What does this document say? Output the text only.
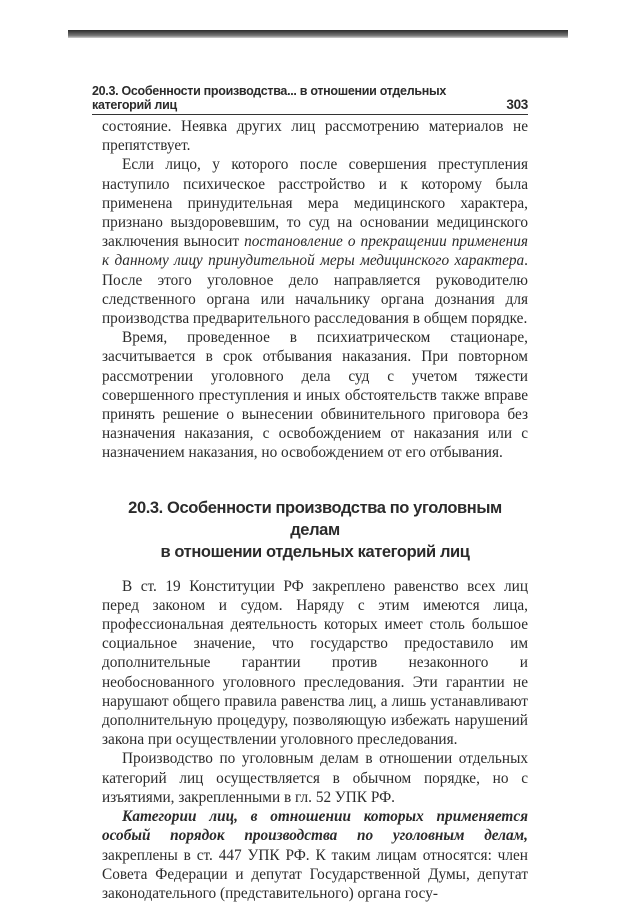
20.3. Особенности производства... в отношении отдельных категорий лиц	303

состояние. Неявка других лиц рассмотрению материалов не препятствует.

Если лицо, у которого после совершения преступления наступило психическое расстройство и к которому была применена принудительная мера медицинского характера, признано выздоровевшим, то суд на основании медицинского заключения выносит постановление о прекращении применения к данному лицу принудительной меры медицинского характера. После этого уголовное дело направляется руководителю следственного органа или начальнику органа дознания для производства предварительного расследования в общем порядке.

Время, проведенное в психиатрическом стационаре, засчитывается в срок отбывания наказания. При повторном рассмотрении уголовного дела суд с учетом тяжести совершенного преступления и иных обстоятельств также вправе принять решение о вынесении обвинительного приговора без назначения наказания, с освобождением от наказания или с назначением наказания, но освобождением от его отбывания.

20.3. Особенности производства по уголовным делам
в отношении отдельных категорий лиц

В ст. 19 Конституции РФ закреплено равенство всех лиц перед законом и судом. Наряду с этим имеются лица, профессиональная деятельность которых имеет столь большое социальное значение, что государство предоставило им дополнительные гарантии против незаконного и необоснованного уголовного преследования. Эти гарантии не нарушают общего правила равенства лиц, а лишь устанавливают дополнительную процедуру, позволяющую избежать нарушений закона при осуществлении уголовного преследования.

Производство по уголовным делам в отношении отдельных категорий лиц осуществляется в обычном порядке, но с изъятиями, закрепленными в гл. 52 УПК РФ.

Категории лиц, в отношении которых применяется особый порядок производства по уголовным делам, закреплены в ст. 447 УПК РФ. К таким лицам относятся: член Совета Федерации и депутат Государственной Думы, депутат законодательного (представительного) органа госу-
